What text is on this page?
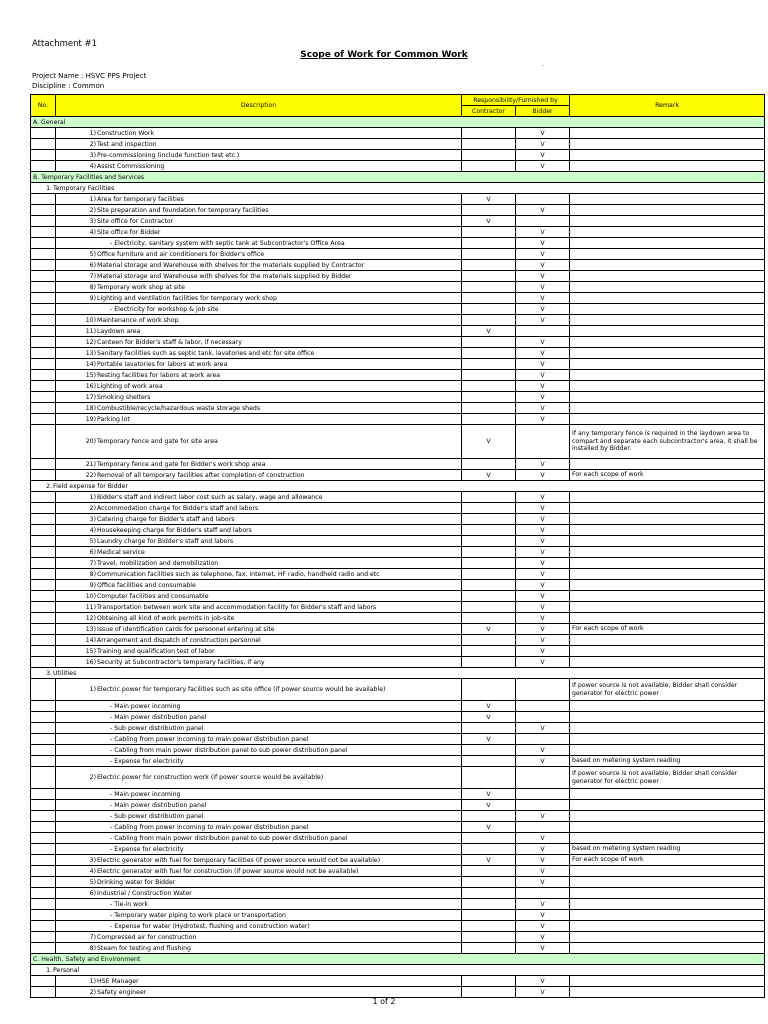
Attachment #1
Scope of Work for Common Work
.
Project Name : HSVC PPS Project
Discipline : Common
No.	Description	Responsibility/Furnished by		Remark
		Contractor	Bidder	
A. General				
	1)Construction Work		V	
	2)Test and inspection		V	
	3)Pre-commissioning (include function test etc.)		V	
	4)Assist Commissioning		V	
B. Temporary Facilities and Services				
1.Temporary Facilities				
	1)Area for temporary facilities	V		
	2)Site preparation and foundation for temporary facilities		V	
	3)Site office for Contractor	V		
	4)Site office for Bidder		V	
	- Electricity, sanitary system with septic tank at Subcontractor's Office Area		V	
	5)Office furniture and air conditioners for Bidder's office		V	
	6)Material storage and Warehouse with shelves for the materials supplied by Contractor		V	
	7)Material storage and Warehouse with shelves for the materials supplied by Bidder		V	
	8)Temporary work shop at site		V	
	9)Lighting and ventilation facilities for temporary work shop		V	
	- Electricity for workshop & job site		V	
	10)Maintenance of work shop		V	
	11)Laydown area	V		
	12)Canteen for Bidder's staff & labor, if necessary		V	
	13)Sanitary facilities such as septic tank, lavatories and etc for site office		V	
	14)Portable lavatories for labors at work area		V	
	15)Resting facilities for labors at work area		V	
	16)Lighting of work area		V	
	17)Smoking shelters		V	
	18)Combustible/recycle/hazardous waste storage sheds		V	
	19)Parking lot		V	
	20)Temporary fence and gate for site area	V		If any temporary fence is required in the laydown area to compart and separate each subcontractor's area, it shall be installed by Bidder.
	21)Temporary fence and gate for Bidder's work shop area		V	
	22)Removal of all temporary facilities after completion of construction	V	V	For each scope of work
2.Field expense for Bidder				
	1)Bidder's staff and indirect labor cost such as salary, wage and allowance		V	
	2)Accommodation charge for Bidder's staff and labors		V	
	3)Catering charge for Bidder's staff and labors		V	
	4)Housekeeping charge for Bidder's staff and labors		V	
	5)Laundry charge for Bidder's staff and labors		V	
	6)Medical service		V	
	7)Travel, mobilization and demobilization		V	
	8)Communication facilities such as telephone, fax, internet, HF radio, handheld radio and etc		V	
	9)Office facilities and consumable		V	
	10)Computer facilities and consumable		V	
	11)Transportation between work site and accommodation facility for Bidder's staff and labors		V	
	12)Obtaining all kind of work permits in job-site		V	
	13)Issue of identification cards for personnel entering at site	V	V	For each scope of work
	14)Arrangement and dispatch of construction personnel		V	
	15)Training and qualification test of labor		V	
	16)Security at Subcontractor's temporary facilities, if any		V	
3.Utilities				
	1)Electric power for temporary facilities such as site office (if power source would be available)			If power source is not available, Bidder shall consider generator for electric power
	- Main power incoming	V		
	- Main power distribution panel	V		
	- Sub power distribution panel		V	
	- Cabling from power incoming to main power distribution panel	V		
	- Cabling from main power distribution panel to sub power distribution panel		V	
	- Expense for electricity		V	based on metering system reading
	2)Electric power for construction work (if power source would be available)			If power source is not available, Bidder shall consider generator for electric power
	- Main power incoming	V		
	- Main power distribution panel	V		
	- Sub power distribution panel		V	
	- Cabling from power incoming to main power distribution panel	V		
	- Cabling from main power distribution panel to sub power distribution panel		V	
	- Expense for electricity		V	based on metering system reading
	3)Electric generator with fuel for temporary facilities (if power source would not be available)	V	V	For each scope of work
	4)Electric generator with fuel for construction (if power source would not be available)		V	
	5)Drinking water for Bidder		V	
	6)Industrial / Construction Water			
	- Tie-in work		V	
	- Temporary water piping to work place or transportation		V	
	- Expense for water (Hydrotest, flushing and construction water)		V	
	7)Compressed air for construction		V	
	8)Steam for testing and flushing		V	
C. Health, Safety and Environment				
1.Personal				
	1)HSE Manager		V	
	2)Safety engineer		V	
1 of 2
